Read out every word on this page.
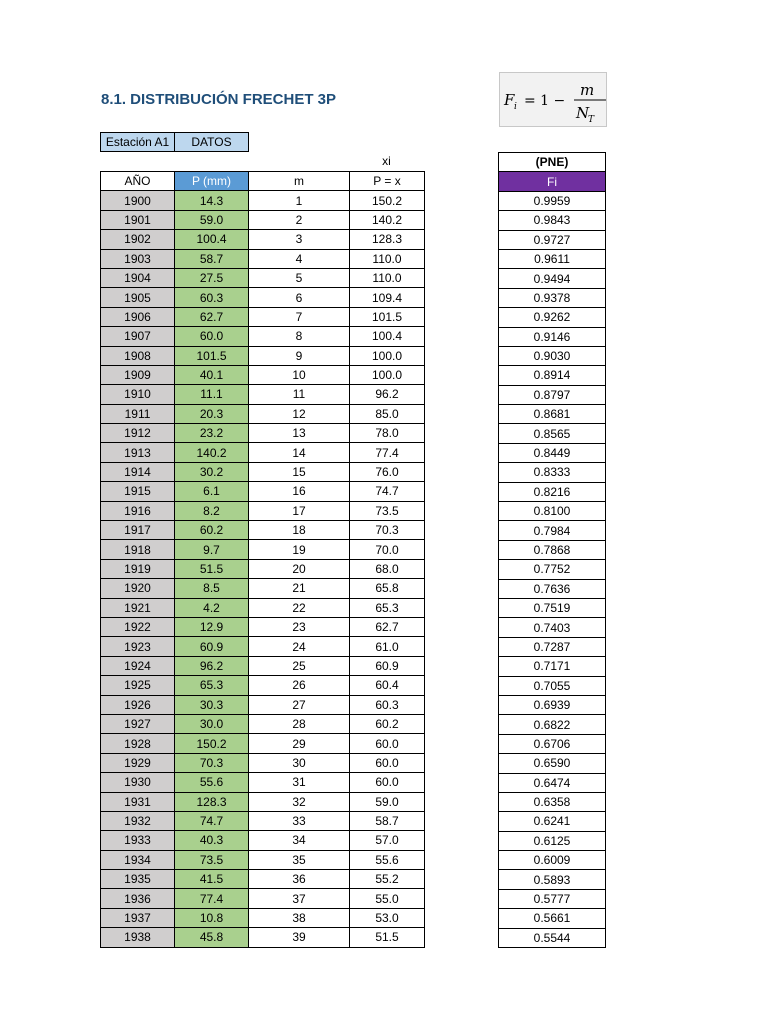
8.1. DISTRIBUCIÓN FRECHET 3P	F i = 1 −
m
N
T
Estación A1	DATOS
xi
AÑO	P (mm)	m	P = x
1900	14.3	1	150.2
1901	59.0	2	140.2
1902	100.4	3	128.3
1903	58.7	4	110.0
1904	27.5	5	110.0
1905	60.3	6	109.4
1906	62.7	7	101.5
1907	60.0	8	100.4
1908	101.5	9	100.0
1909	40.1	10	100.0
1910	11.1	11	96.2
1911	20.3	12	85.0
1912	23.2	13	78.0
1913	140.2	14	77.4
1914	30.2	15	76.0
1915	6.1	16	74.7
1916	8.2	17	73.5
1917	60.2	18	70.3
1918	9.7	19	70.0
1919	51.5	20	68.0
1920	8.5	21	65.8
1921	4.2	22	65.3
1922	12.9	23	62.7
1923	60.9	24	61.0
1924	96.2	25	60.9
1925	65.3	26	60.4
1926	30.3	27	60.3
1927	30.0	28	60.2
1928	150.2	29	60.0
1929	70.3	30	60.0
1930	55.6	31	60.0
1931	128.3	32	59.0
1932	74.7	33	58.7
1933	40.3	34	57.0
1934	73.5	35	55.6
1935	41.5	36	55.2
1936	77.4	37	55.0
1937	10.8	38	53.0
1938	45.8	39	51.5
(PNE)
Fi
0.9959
0.9843
0.9727
0.9611
0.9494
0.9378
0.9262
0.9146
0.9030
0.8914
0.8797
0.8681
0.8565
0.8449
0.8333
0.8216
0.8100
0.7984
0.7868
0.7752
0.7636
0.7519
0.7403
0.7287
0.7171
0.7055
0.6939
0.6822
0.6706
0.6590
0.6474
0.6358
0.6241
0.6125
0.6009
0.5893
0.5777
0.5661
0.5544
